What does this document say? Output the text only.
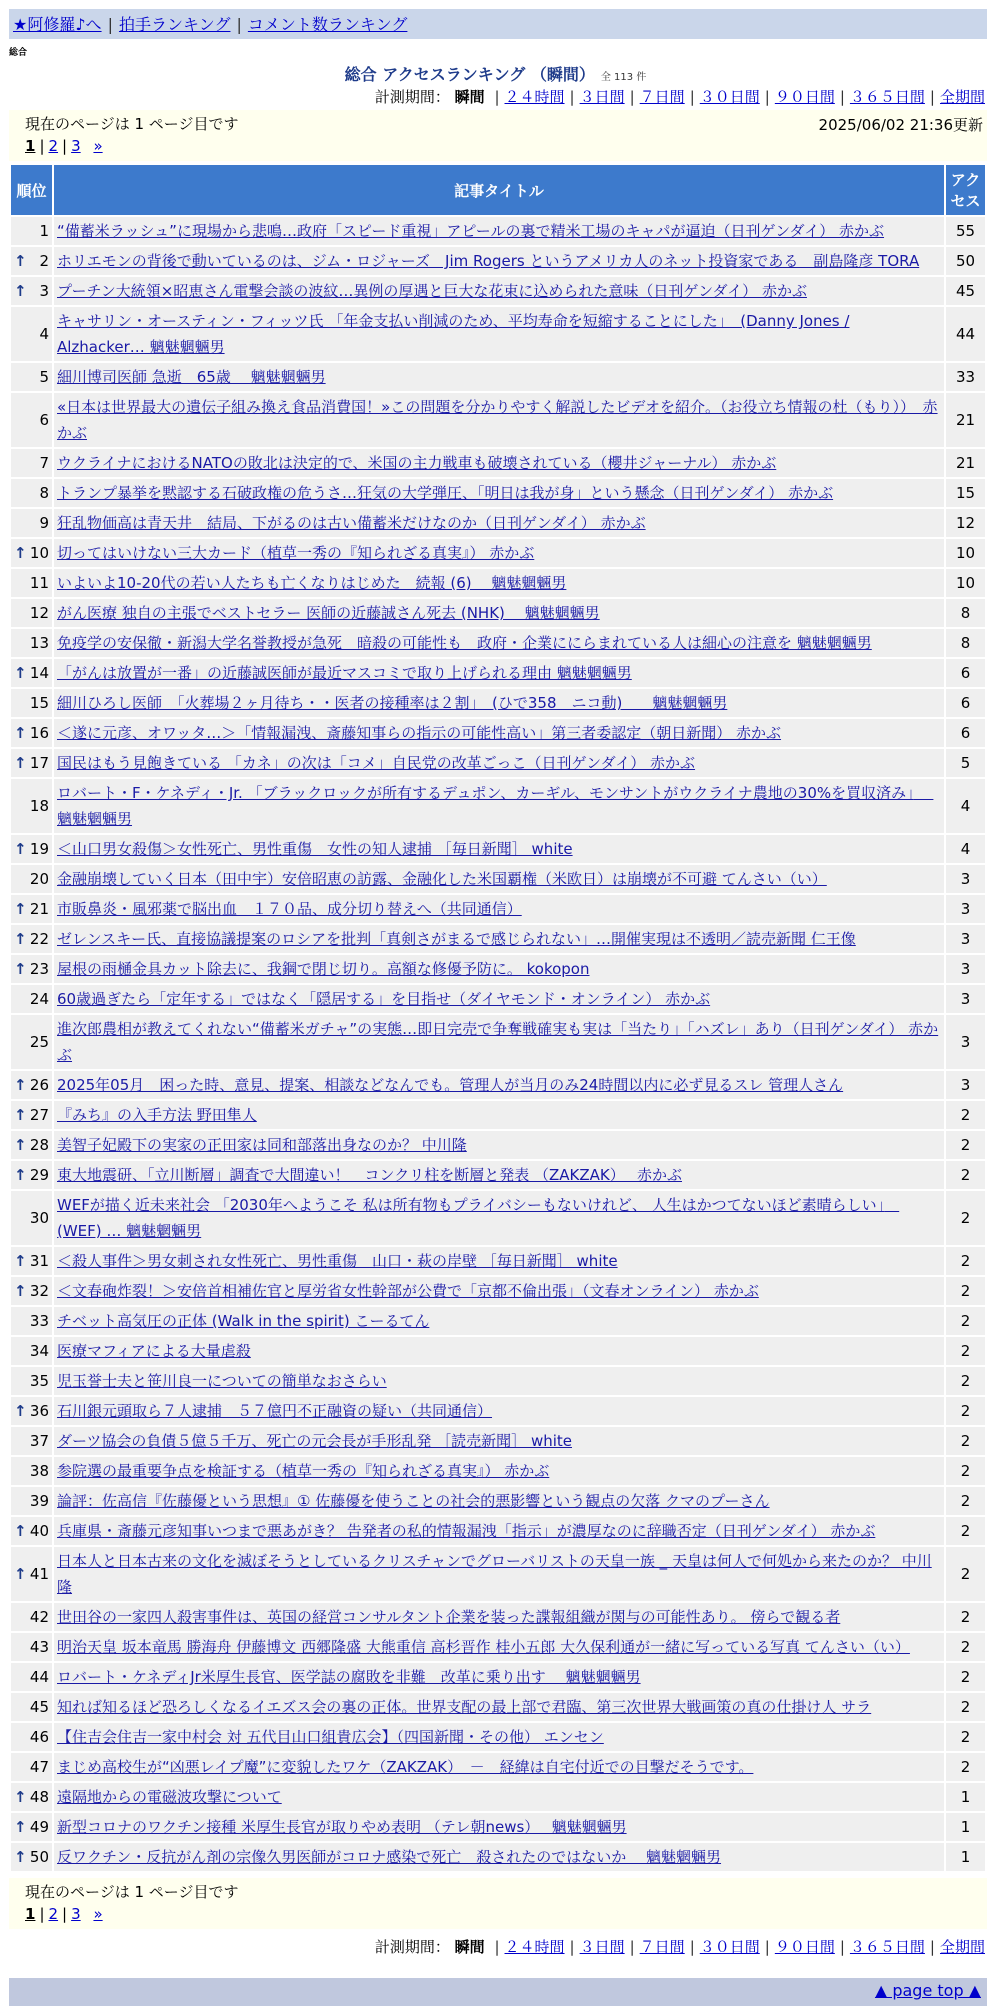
★阿修羅♪へ | 拍手ランキング | コメント数ランキング
総合
総合 アクセスランキング （瞬間） 全 113 件
計測期間： 瞬間 | ２４時間 | ３日間 | ７日間 | ３０日間 | ９０日間 | ３６５日間 | 全期間
現在のページは 1 ページ目です	2025/06/02 21:36更新
1 | 2 | 3 »
順位	記事タイトル	アクセス
1	“備蓄米ラッシュ”に現場から悲鳴…政府「スピード重視」アピールの裏で精米工場のキャパが逼迫（日刊ゲンダイ） 赤かぶ	55

↑ 2	ホリエモンの背後で動いているのは、ジム・ロジャーズ　Jim Rogers というアメリカ人のネット投資家である　副島隆彦 TORA	50

↑ 3	プーチン大統領×昭恵さん電撃会談の波紋…異例の厚遇と巨大な花束に込められた意味（日刊ゲンダイ） 赤かぶ	45
4	キャサリン・オースティン・フィッツ氏 「年金支払い削減のため、平均寿命を短縮することにした」　(Danny Jones / Alzhacker… 魑魅魍魎男	44
5	細川博司医師 急逝　65歳　 魑魅魍魎男	33
6	«日本は世界最大の遺伝子組み換え食品消費国！»この問題を分かりやすく解説したビデオを紹介。（お役立ち情報の杜（もり））　赤かぶ	21
7	ウクライナにおけるNATOの敗北は決定的で、米国の主力戦車も破壊されている（櫻井ジャーナル） 赤かぶ	21
8	トランプ暴挙を黙認する石破政権の危うさ…狂気の大学弾圧、「明日は我が身」という懸念（日刊ゲンダイ） 赤かぶ	15
9	狂乱物価高は青天井　結局、下がるのは古い備蓄米だけなのか（日刊ゲンダイ） 赤かぶ	12

↑ 10	切ってはいけない三大カード（植草一秀の『知られざる真実』） 赤かぶ	10
11	いよいよ10-20代の若い人たちも亡くなりはじめた　続報 (6)　 魑魅魍魎男	10
12	がん医療 独自の主張でベストセラー 医師の近藤誠さん死去 (NHK)　 魑魅魍魎男	8
13	免疫学の安保徹・新潟大学名誉教授が急死　暗殺の可能性も　政府・企業ににらまれている人は細心の注意を 魑魅魍魎男	8

↑ 14	「がんは放置が一番」の近藤誠医師が最近マスコミで取り上げられる理由 魑魅魍魎男	6
15	細川ひろし医師　「火葬場２ヶ月待ち・・医者の接種率は２割」　(ひで358　ニコ動)　　魑魅魍魎男	6

↑ 16	＜遂に元彦、オワッタ…＞「情報漏洩、斎藤知事らの指示の可能性高い」第三者委認定（朝日新聞） 赤かぶ	6

↑ 17	国民はもう見飽きている 「カネ」の次は「コメ」自民党の改革ごっこ（日刊ゲンダイ） 赤かぶ	5
18	ロバート・F・ケネディ・Jr. 「ブラックロックが所有するデュポン、カーギル、モンサントがウクライナ農地の30%を買収済み」　 魑魅魍魎男	4

↑ 19	＜山口男女殺傷＞女性死亡、男性重傷　女性の知人逮捕 ［毎日新聞］ white	4
20	金融崩壊していく日本（田中宇）安倍昭恵の訪露、金融化した米国覇権（米欧日）は崩壊が不可避 てんさい（い）	3

↑ 21	市販鼻炎・風邪薬で脳出血　１７０品、成分切り替えへ（共同通信）	3

↑ 22	ゼレンスキー氏、直接協議提案のロシアを批判「真剣さがまるで感じられない」…開催実現は不透明／読売新聞 仁王像	3

↑ 23	屋根の雨樋金具カット除去に、我鋼で閉じ切り。高額な修優予防に。 kokopon	3
24	60歳過ぎたら「定年する」ではなく「隠居する」を目指せ（ダイヤモンド・オンライン） 赤かぶ	3
25	進次郎農相が教えてくれない“備蓄米ガチャ”の実態…即日完売で争奪戦確実も実は「当たり」「ハズレ」あり（日刊ゲンダイ） 赤かぶ	3

↑ 26	2025年05月　困った時、意見、提案、相談などなんでも。管理人が当月のみ24時間以内に必ず見るスレ 管理人さん	3

↑ 27	『みち』の入手方法 野田隼人	2

↑ 28	美智子妃殿下の実家の正田家は同和部落出身なのか？ 中川隆	2

↑ 29	東大地震研、「立川断層」調査で大間違い！　コンクリ柱を断層と発表 （ZAKZAK）　 赤かぶ	2
30	WEFが描く近未来社会 「2030年へようこそ 私は所有物もプライバシーもないけれど、 人生はかつてないほど素晴らしい」　(WEF) … 魑魅魍魎男	2

↑ 31	＜殺人事件＞男女刺され女性死亡、男性重傷　山口・萩の岸壁 ［毎日新聞］ white	2

↑ 32	＜文春砲炸裂！＞安倍首相補佐官と厚労省女性幹部が公費で「京都不倫出張」（文春オンライン） 赤かぶ	2
33	チベット高気圧の正体 (Walk in the spirit) こーるてん	2
34	医療マフィアによる大量虐殺	2
35	児玉誉士夫と笹川良一についての簡単なおさらい	2

↑ 36	石川銀元頭取ら７人逮捕　５７億円不正融資の疑い（共同通信）	2
37	ダーツ協会の負債５億５千万、死亡の元会長が手形乱発 ［読売新聞］ white	2
38	参院選の最重要争点を検証する（植草一秀の『知られざる真実』） 赤かぶ	2
39	論評：佐高信『佐藤優という思想』① 佐藤優を使うことの社会的悪影響という観点の欠落 クマのプーさん	2

↑ 40	兵庫県・斎藤元彦知事いつまで悪あがき？ 告発者の私的情報漏洩「指示」が濃厚なのに辞職否定（日刊ゲンダイ） 赤かぶ	2

↑ 41	日本人と日本古来の文化を滅ぼそうとしているクリスチャンでグローバリストの天皇一族 _ 天皇は何人で何処から来たのか？ 中川隆	2
42	世田谷の一家四人殺害事件は、英国の経営コンサルタント企業を装った諜報組織が関与の可能性あり。 傍らで観る者	2
43	明治天皇 坂本竜馬 勝海舟 伊藤博文 西郷隆盛 大熊重信 高杉晋作 桂小五郎 大久保利通が一緒に写っている写真 てんさい（い）	2
44	ロバート・ケネディJr米厚生長官、医学誌の腐敗を非難　改革に乗り出す　 魑魅魍魎男	2
45	知れば知るほど恐ろしくなるイエズス会の裏の正体。世界支配の最上部で君臨、第三次世界大戦画策の真の仕掛け人 サラ	2
46	【住吉会住吉一家中村会 対 五代目山口組貴広会】（四国新聞・その他） エンセン	2
47	まじめ高校生が“凶悪レイプ魔”に変貌したワケ（ZAKZAK）　－　経緯は自宅付近での目撃だそうです。	2

↑ 48	遠隔地からの電磁波攻撃について	1

↑ 49	新型コロナのワクチン接種 米厚生長官が取りやめ表明 （テレ朝news）　 魑魅魍魎男	1

↑ 50	反ワクチン・反抗がん剤の宗像久男医師がコロナ感染で死亡　殺されたのではないか　 魑魅魍魎男	1
現在のページは 1 ページ目です
1 | 2 | 3 »
計測期間： 瞬間 | ２４時間 | ３日間 | ７日間 | ３０日間 | ９０日間 | ３６５日間 | 全期間
▲ page top ▲
